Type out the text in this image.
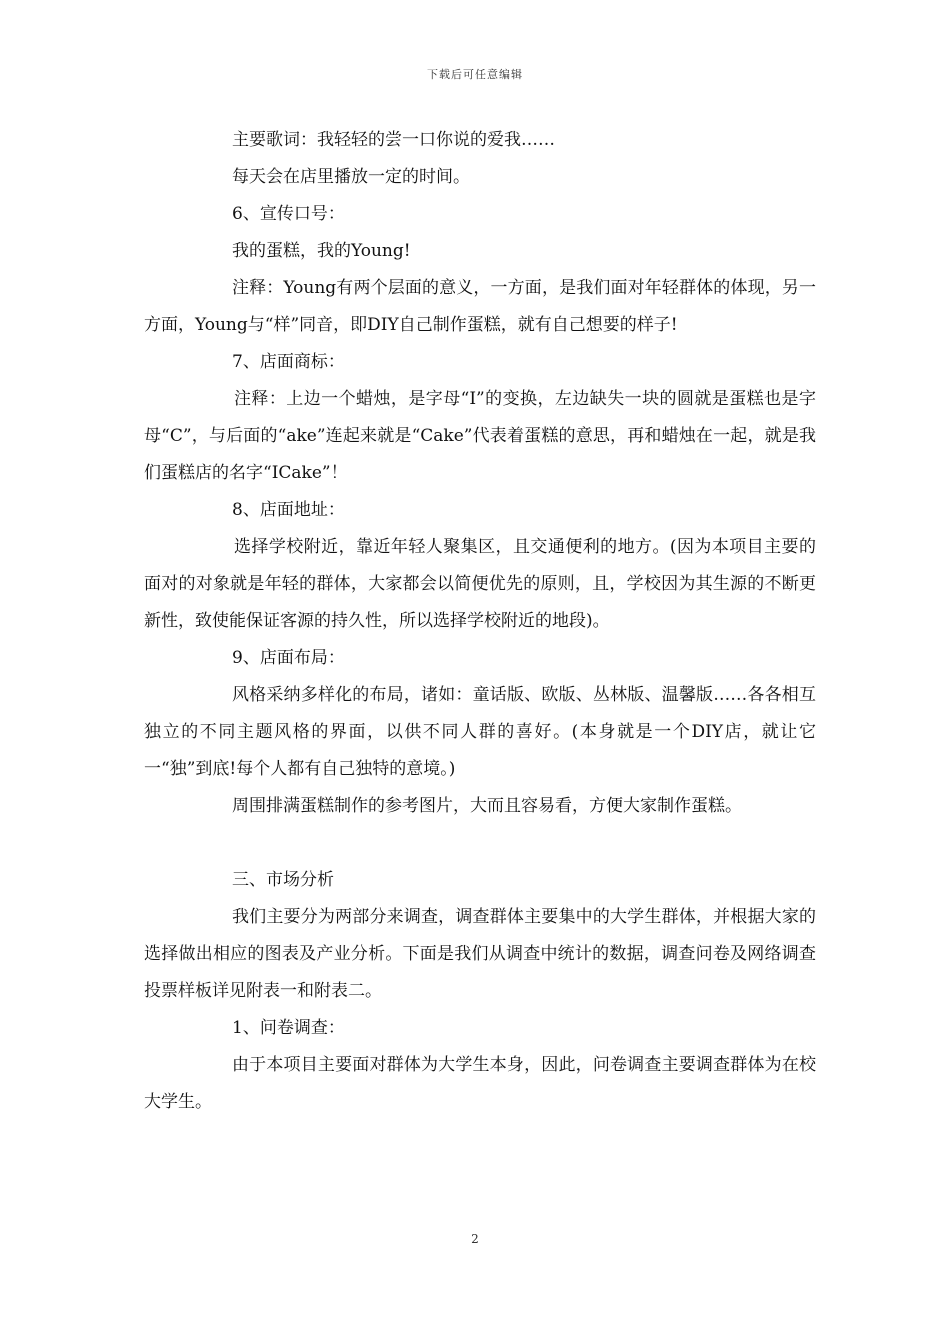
下载后可任意编辑

主要歌词：我轻轻的尝一口你说的爱我……

每天会在店里播放一定的时间。

6、宣传口号：

我的蛋糕，我的Young!

注释：Young有两个层面的意义，一方面，是我们面对年轻群体的体现，另一方面，Young与“样”同音，即DIY自己制作蛋糕，就有自己想要的样子!

7、店面商标：

注释：上边一个蜡烛，是字母“I”的变换，左边缺失一块的圆就是蛋糕也是字母“C”，与后面的“ake”连起来就是“Cake”代表着蛋糕的意思，再和蜡烛在一起，就是我们蛋糕店的名字“ICake”！

8、店面地址：

选择学校附近，靠近年轻人聚集区，且交通便利的地方。(因为本项目主要的面对的对象就是年轻的群体，大家都会以简便优先的原则，且，学校因为其生源的不断更新性，致使能保证客源的持久性，所以选择学校附近的地段)。

9、店面布局：

风格采纳多样化的布局，诸如：童话版、欧版、丛林版、温馨版……各各相互独立的不同主题风格的界面，以供不同人群的喜好。(本身就是一个DIY店，就让它一“独”到底!每个人都有自己独特的意境。)

周围排满蛋糕制作的参考图片，大而且容易看，方便大家制作蛋糕。

三、市场分析

我们主要分为两部分来调查，调查群体主要集中的大学生群体，并根据大家的选择做出相应的图表及产业分析。下面是我们从调查中统计的数据，调查问卷及网络调查投票样板详见附表一和附表二。

1、问卷调查：

由于本项目主要面对群体为大学生本身，因此，问卷调查主要调查群体为在校大学生。

2
